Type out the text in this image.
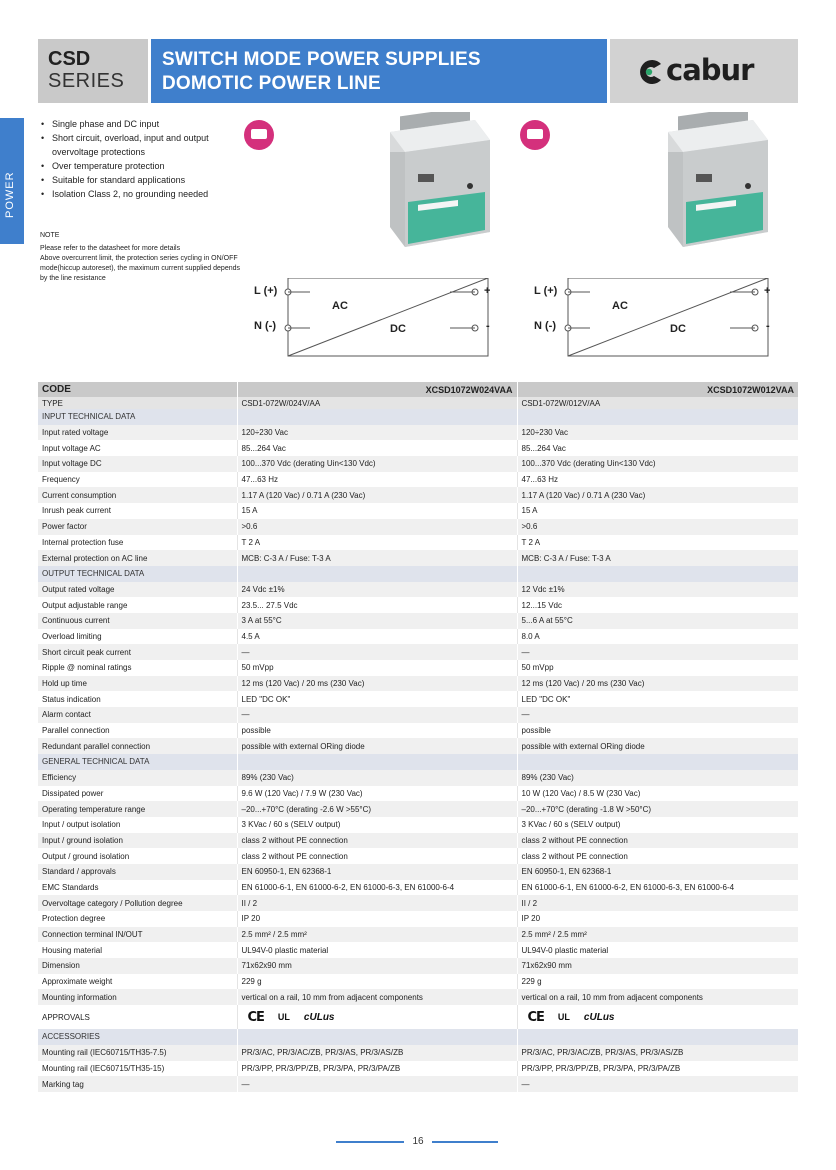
CSD
SERIES
SWITCH MODE POWER SUPPLIES
DOMOTIC POWER LINE	cabur
POWER
• Single phase and DC input
• Short circuit, overload, input and output overvoltage protections
• Over temperature protection
• Suitable for standard applications
• Isolation Class 2, no grounding needed
NOTE
Please refer to the datasheet for more details
Above overcurrent limit, the protection series cycling in ON/OFF mode(hiccup autoreset), the maximum current supplied depends by the line resistance
L (+)
N (-)
AC
DC
+
-
L (+)
N (-)
AC
DC
+
-
CODE	XCSD1072W024VAA	XCSD1072W012VAA
TYPE	CSD1-072W/024V/AA	CSD1-072W/012V/AA
INPUT TECHNICAL DATA		
Input rated voltage	120÷230 Vac	120÷230 Vac
Input voltage AC	85...264 Vac	85...264 Vac
Input voltage DC	100...370 Vdc (derating Uin<130 Vdc)	100...370 Vdc (derating Uin<130 Vdc)
Frequency	47...63 Hz	47...63 Hz
Current consumption	1.17 A (120 Vac) / 0.71 A (230 Vac)	1.17 A (120 Vac) / 0.71 A (230 Vac)
Inrush peak current	15 A	15 A
Power factor	>0.6	>0.6
Internal protection fuse	T 2 A	T 2 A
External protection on AC line	MCB: C-3 A / Fuse: T-3 A	MCB: C-3 A / Fuse: T-3 A
OUTPUT TECHNICAL DATA		
Output rated voltage	24 Vdc ±1%	12 Vdc ±1%
Output adjustable range	23.5... 27.5 Vdc	12...15 Vdc
Continuous current	3 A at 55°C	5...6 A at 55°C
Overload limiting	4.5 A	8.0 A
Short circuit peak current	—	—
Ripple @ nominal ratings	50 mVpp	50 mVpp
Hold up time	12 ms (120 Vac) / 20 ms (230 Vac)	12 ms (120 Vac) / 20 ms (230 Vac)
Status indication	LED "DC OK"	LED "DC OK"
Alarm contact	—	—
Parallel connection	possible	possible
Redundant parallel connection	possible with external ORing diode	possible with external ORing diode
GENERAL TECHNICAL DATA		
Efficiency	89% (230 Vac)	89% (230 Vac)
Dissipated power	9.6 W (120 Vac) / 7.9 W (230 Vac)	10 W (120 Vac) / 8.5 W (230 Vac)
Operating temperature range	–20...+70°C (derating -2.6 W >55°C)	–20...+70°C (derating -1.8 W >50°C)
Input / output isolation	3 KVac / 60 s (SELV output)	3 KVac / 60 s (SELV output)
Input / ground isolation	class 2 without PE connection	class 2 without PE connection
Output / ground isolation	class 2 without PE connection	class 2 without PE connection
Standard / approvals	EN 60950-1, EN 62368-1	EN 60950-1, EN 62368-1
EMC Standards	EN 61000-6-1, EN 61000-6-2, EN 61000-6-3, EN 61000-6-4	EN 61000-6-1, EN 61000-6-2, EN 61000-6-3, EN 61000-6-4
Overvoltage category / Pollution degree	II / 2	II / 2
Protection degree	IP 20	IP 20
Connection terminal IN/OUT	2.5 mm² / 2.5 mm²	2.5 mm² / 2.5 mm²
Housing material	UL94V-0 plastic material	UL94V-0 plastic material
Dimension	71x62x90 mm	71x62x90 mm
Approximate weight	229 g	229 g
Mounting information	vertical on a rail, 10 mm from adjacent components	vertical on a rail, 10 mm from adjacent components
APPROVALS	CE UL cULus	CE UL cULus

ACCESSORIES		
Mounting rail (IEC60715/TH35-7.5)	PR/3/AC, PR/3/AC/ZB, PR/3/AS, PR/3/AS/ZB	PR/3/AC, PR/3/AC/ZB, PR/3/AS, PR/3/AS/ZB
Mounting rail (IEC60715/TH35-15)	PR/3/PP, PR/3/PP/ZB, PR/3/PA, PR/3/PA/ZB	PR/3/PP, PR/3/PP/ZB, PR/3/PA, PR/3/PA/ZB
Marking tag	—	—
16
